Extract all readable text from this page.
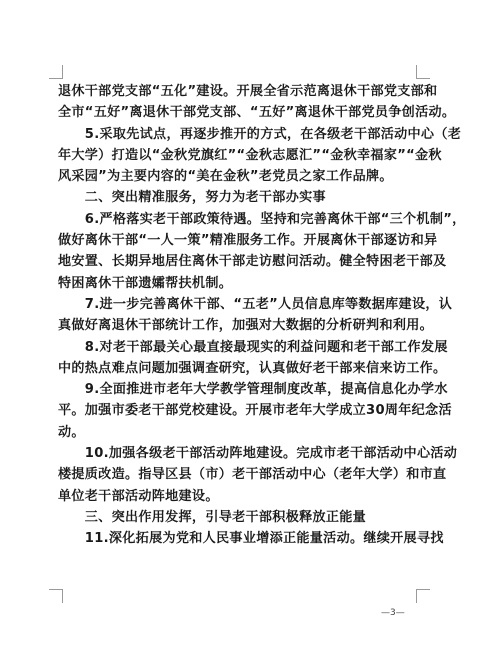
退休干部党支部“五化”建设。开展全省示范离退休干部党支部和
全市“五好”离退休干部党支部、“五好”离退休干部党员争创活动。
　　5.采取先试点，再逐步推开的方式，在各级老干部活动中心（老
年大学）打造以“金秋党旗红”“金秋志愿汇”“金秋幸福家”“金秋
风采园”为主要内容的“美在金秋”老党员之家工作品牌。
　　二、突出精准服务，努力为老干部办实事
　　6.严格落实老干部政策待遇。坚持和完善离休干部“三个机制”，
做好离休干部“一人一策”精准服务工作。开展离休干部逐访和异
地安置、长期异地居住离休干部走访慰问活动。健全特困老干部及
特困离休干部遗孀帮扶机制。
　　7.进一步完善离休干部、“五老”人员信息库等数据库建设，认
真做好离退休干部统计工作，加强对大数据的分析研判和利用。
　　8.对老干部最关心最直接最现实的利益问题和老干部工作发展
中的热点难点问题加强调查研究，认真做好老干部来信来访工作。
　　9.全面推进市老年大学教学管理制度改革，提高信息化办学水
平。加强市委老干部党校建设。开展市老年大学成立30周年纪念活
动。
　　10.加强各级老干部活动阵地建设。完成市老干部活动中心活动
楼提质改造。指导区县（市）老干部活动中心（老年大学）和市直
单位老干部活动阵地建设。
　　三、突出作用发挥，引导老干部积极释放正能量
　　11.深化拓展为党和人民事业增添正能量活动。继续开展寻找
—3—
